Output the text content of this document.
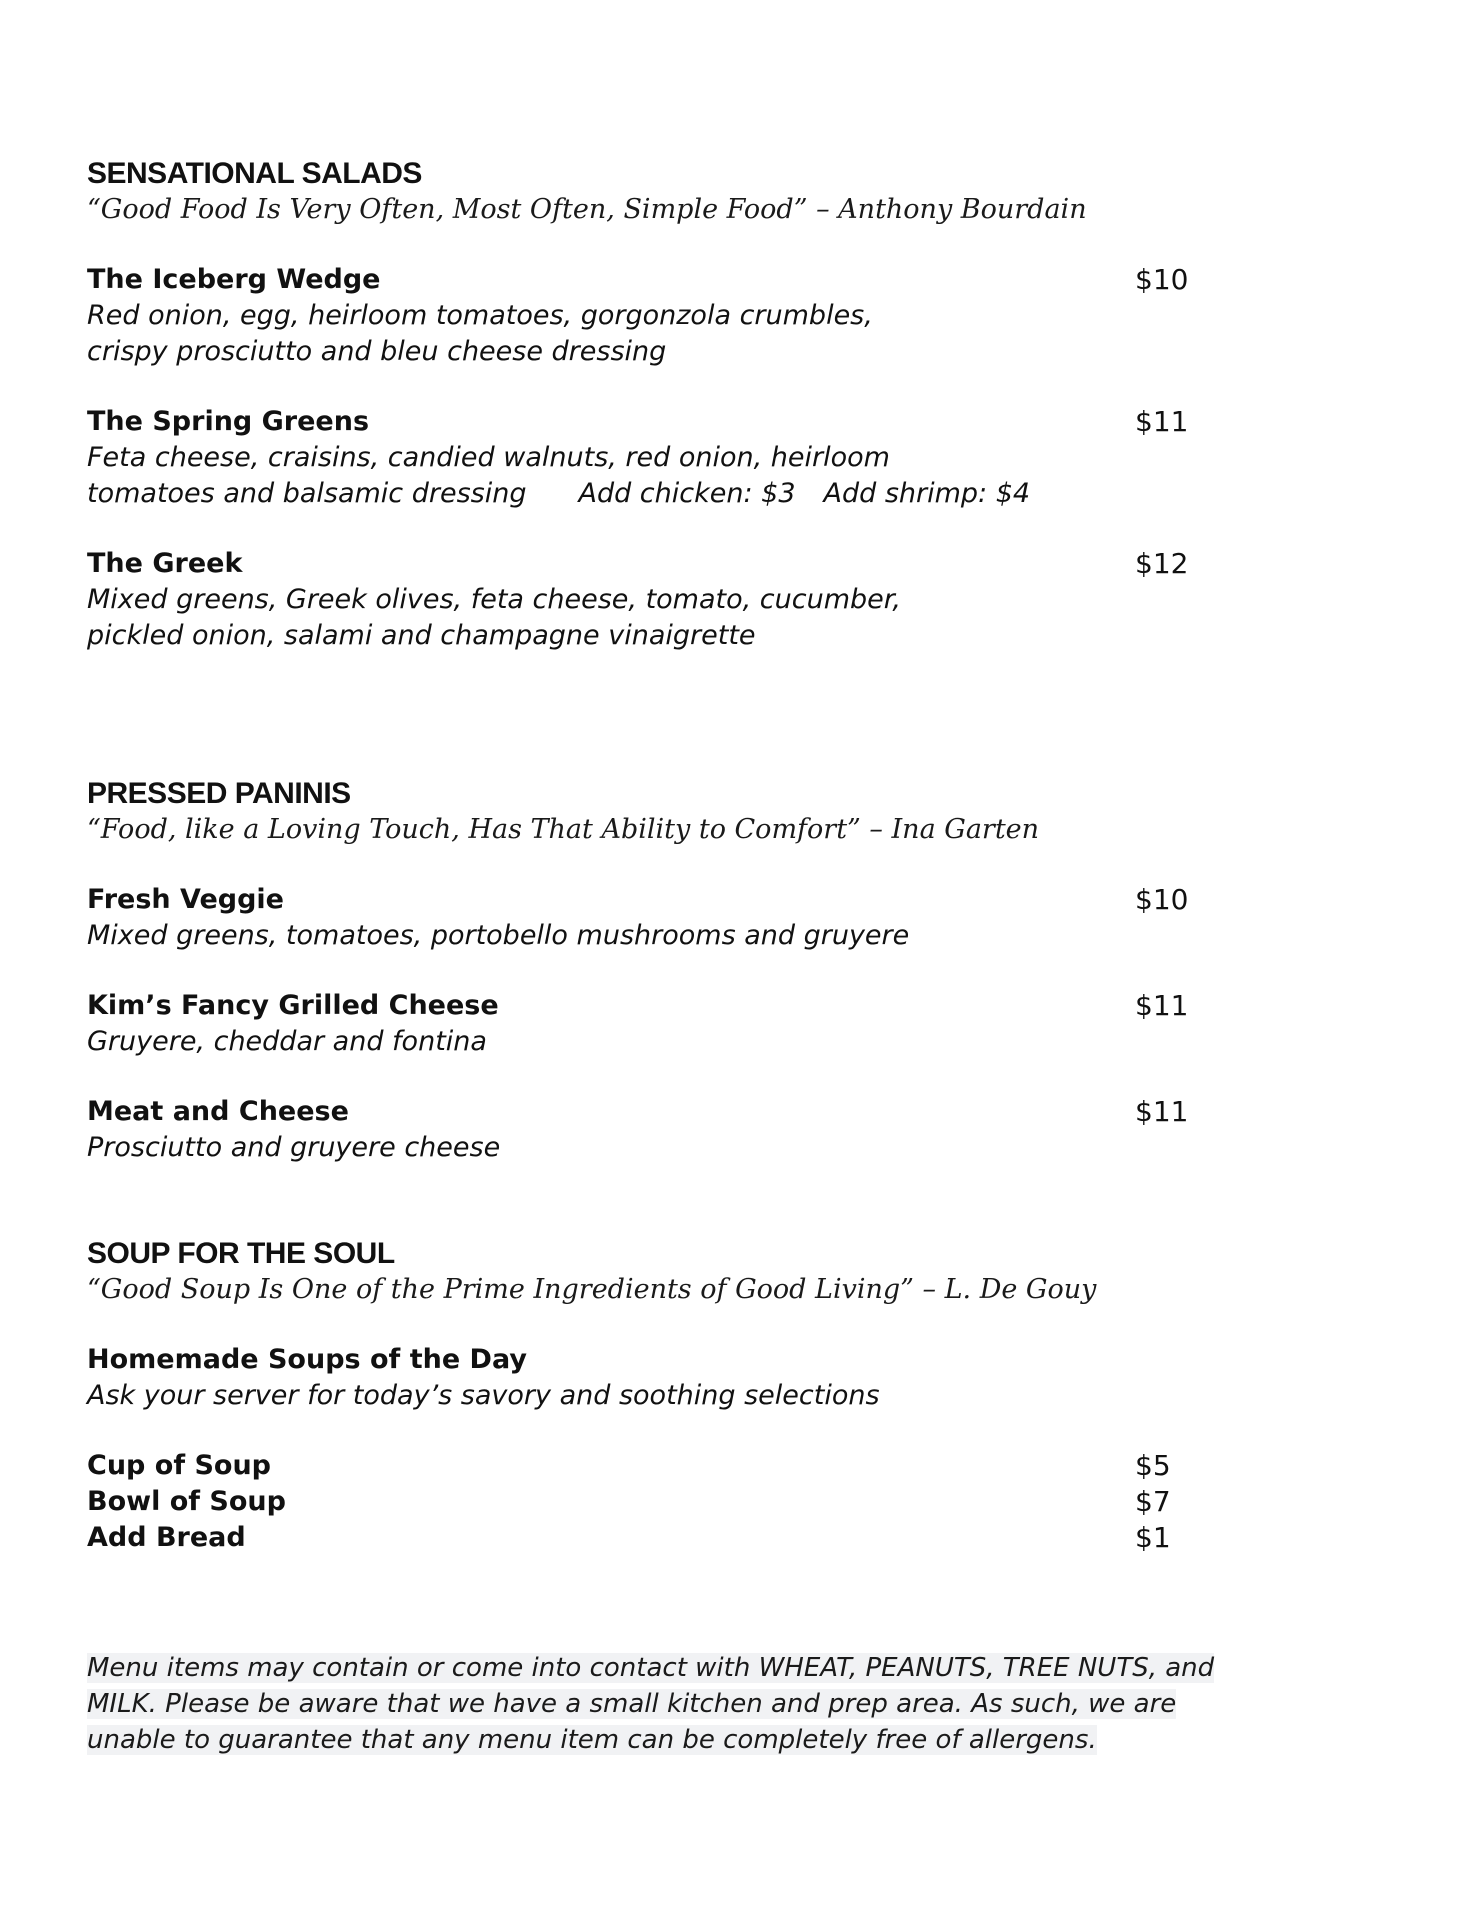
SENSATIONAL SALADS

“Good Food Is Very Often, Most Often, Simple Food” – Anthony Bourdain

The Iceberg Wedge	$10
Red onion, egg, heirloom tomatoes, gorgonzola crumbles,
crispy prosciutto and bleu cheese dressing
The Spring Greens	$11
Feta cheese, craisins, candied walnuts, red onion, heirloom
tomatoes and balsamic dressing Add chicken: $3 Add shrimp: $4
The Greek	$12
Mixed greens, Greek olives, feta cheese, tomato, cucumber,
pickled onion, salami and champagne vinaigrette
PRESSED PANINIS

“Food, like a Loving Touch, Has That Ability to Comfort” – Ina Garten

Fresh Veggie	$10
Mixed greens, tomatoes, portobello mushrooms and gruyere
Kim’s Fancy Grilled Cheese	$11
Gruyere, cheddar and fontina
Meat and Cheese	$11
Prosciutto and gruyere cheese
SOUP FOR THE SOUL

“Good Soup Is One of the Prime Ingredients of Good Living” – L. De Gouy

Homemade Soups of the Day
Ask your server for today’s savory and soothing selections
Cup of Soup	$5
Bowl of Soup	$7
Add Bread	$1
Menu items may contain or come into contact with WHEAT, PEANUTS, TREE NUTS, and
MILK. Please be aware that we have a small kitchen and prep area. As such, we are
unable to guarantee that any menu item can be completely free of allergens.
